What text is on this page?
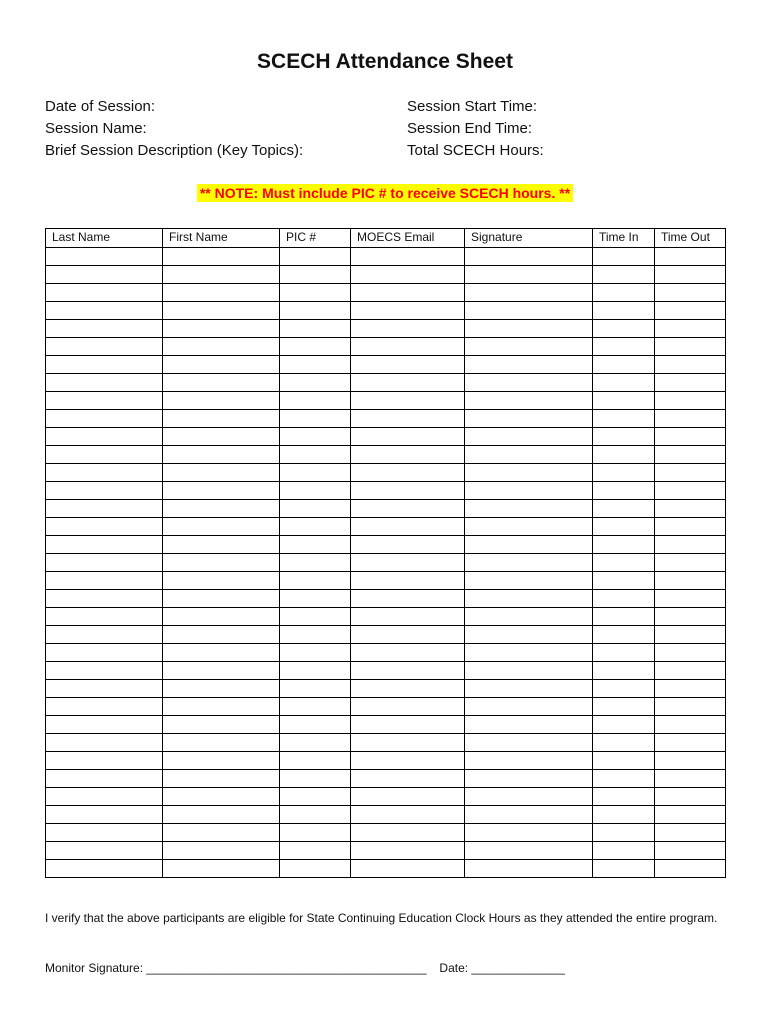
SCECH Attendance Sheet
Date of Session:
Session Name:
Brief Session Description (Key Topics):
Session Start Time:
Session End Time:
Total SCECH Hours:
** NOTE: Must include PIC # to receive SCECH hours. **
Last Name	First Name	PIC #	MOECS Email	Signature	Time In	Time Out

I verify that the above participants are eligible for State Continuing Education Clock Hours as they attended the entire program.
Monitor Signature: __________________________________________ Date: ______________
